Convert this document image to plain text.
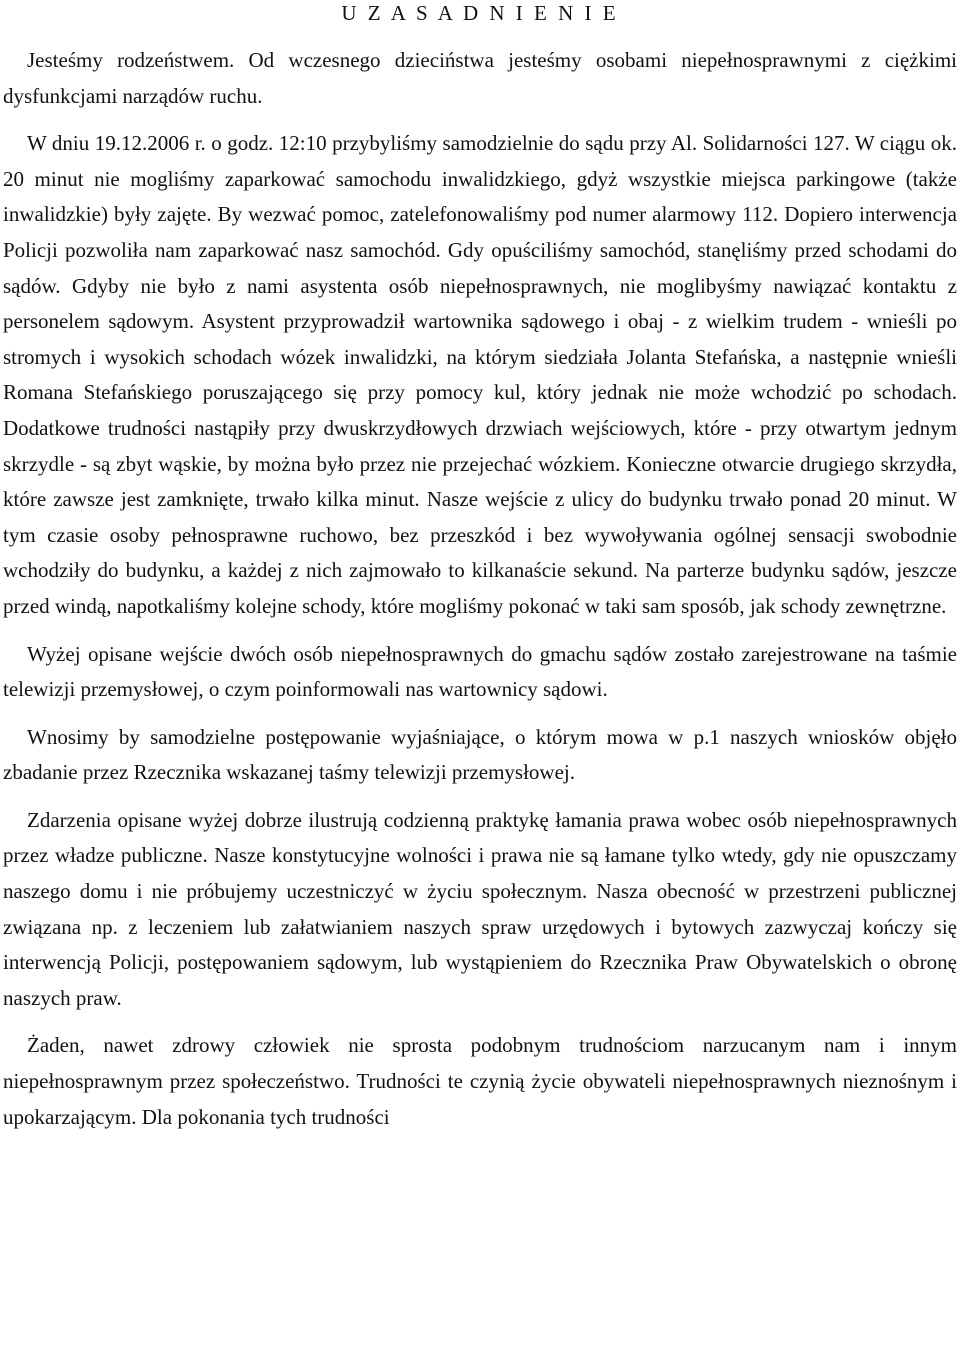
U Z A S A D N I E N I E

Jesteśmy rodzeństwem. Od wczesnego dzieciństwa jesteśmy osobami niepełnosprawnymi z ciężkimi dysfunkcjami narządów ruchu.

W dniu 19.12.2006 r. o godz. 12:10 przybyliśmy samodzielnie do sądu przy Al. Solidarności 127. W ciągu ok. 20 minut nie mogliśmy zaparkować samochodu inwalidzkiego, gdyż wszystkie miejsca parkingowe (także inwalidzkie) były zajęte. By wezwać pomoc, zatelefonowaliśmy pod numer alarmowy 112. Dopiero interwencja Policji pozwoliła nam zaparkować nasz samochód. Gdy opuściliśmy samochód, stanęliśmy przed schodami do sądów. Gdyby nie było z nami asystenta osób niepełnosprawnych, nie moglibyśmy nawiązać kontaktu z personelem sądowym. Asystent przyprowadził wartownika sądowego i obaj - z wielkim trudem - wnieśli po stromych i wysokich schodach wózek inwalidzki, na którym siedziała Jolanta Stefańska, a następnie wnieśli Romana Stefańskiego poruszającego się przy pomocy kul, który jednak nie może wchodzić po schodach. Dodatkowe trudności nastąpiły przy dwuskrzydłowych drzwiach wejściowych, które - przy otwartym jednym skrzydle - są zbyt wąskie, by można było przez nie przejechać wózkiem. Konieczne otwarcie drugiego skrzydła, które zawsze jest zamknięte, trwało kilka minut. Nasze wejście z ulicy do budynku trwało ponad 20 minut. W tym czasie osoby pełnosprawne ruchowo, bez przeszkód i bez wywoływania ogólnej sensacji swobodnie wchodziły do budynku, a każdej z nich zajmowało to kilkanaście sekund. Na parterze budynku sądów, jeszcze przed windą, napotkaliśmy kolejne schody, które mogliśmy pokonać w taki sam sposób, jak schody zewnętrzne.

Wyżej opisane wejście dwóch osób niepełnosprawnych do gmachu sądów zostało zarejestrowane na taśmie telewizji przemysłowej, o czym poinformowali nas wartownicy sądowi.

Wnosimy by samodzielne postępowanie wyjaśniające, o którym mowa w p.1 naszych wniosków objęło zbadanie przez Rzecznika wskazanej taśmy telewizji przemysłowej.

Zdarzenia opisane wyżej dobrze ilustrują codzienną praktykę łamania prawa wobec osób niepełnosprawnych przez władze publiczne. Nasze konstytucyjne wolności i prawa nie są łamane tylko wtedy, gdy nie opuszczamy naszego domu i nie próbujemy uczestniczyć w życiu społecznym. Nasza obecność w przestrzeni publicznej związana np. z leczeniem lub załatwianiem naszych spraw urzędowych i bytowych zazwyczaj kończy się interwencją Policji, postępowaniem sądowym, lub wystąpieniem do Rzecznika Praw Obywatelskich o obronę naszych praw.

Żaden, nawet zdrowy człowiek nie sprosta podobnym trudnościom narzucanym nam i innym niepełnosprawnym przez społeczeństwo. Trudności te czynią życie obywateli niepełnosprawnych nieznośnym i upokarzającym. Dla pokonania tych trudności
